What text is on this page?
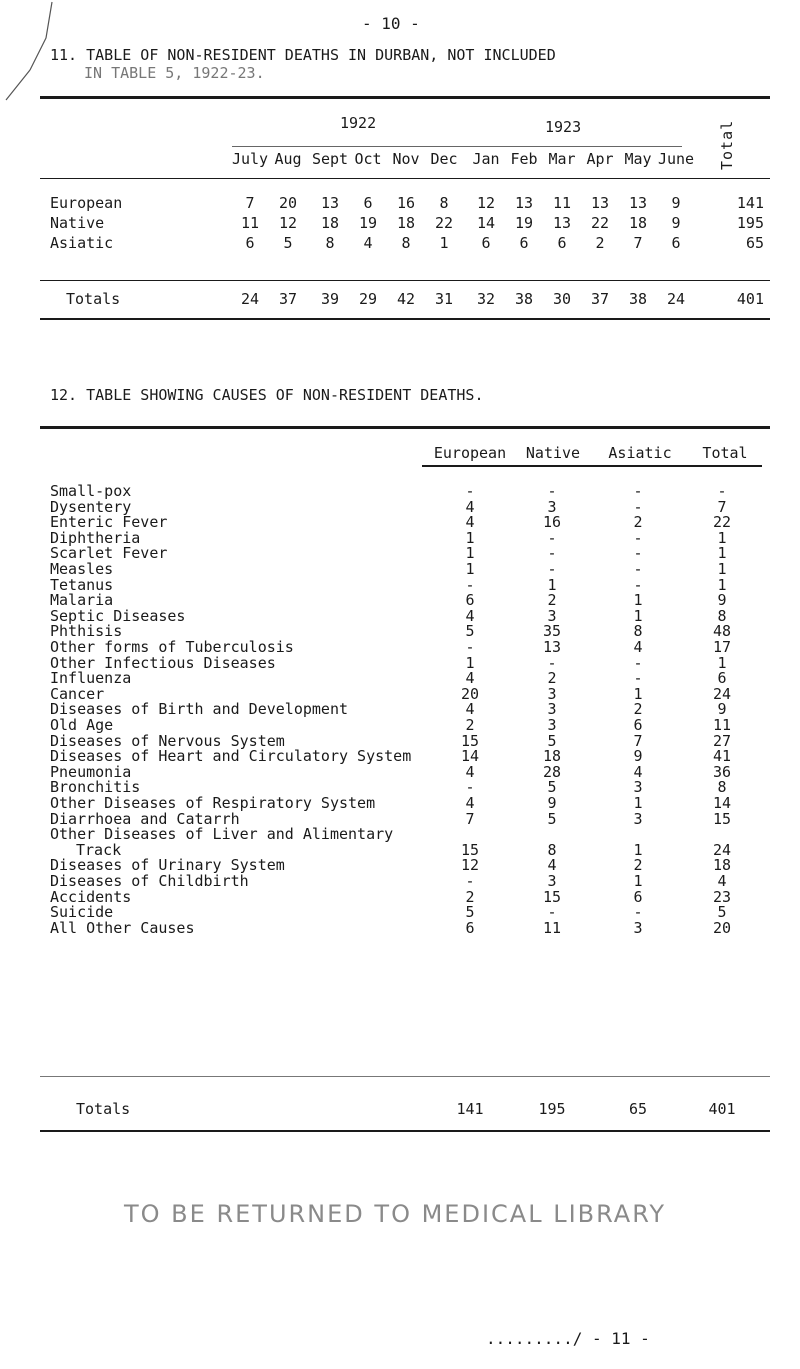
- 10 -
11. TABLE OF NON-RESIDENT DEATHS IN DURBAN, NOT INCLUDED
IN TABLE 5, 1922-23.
1922	1923	Total
July Aug Sept Oct Nov Dec Jan Feb Mar Apr May June
European	7	20	13	6	16	8	12	13	11	13	13	9	141
Native	11	12	18	19	18	22	14	19	13	22	18	9	195
Asiatic	6	5	8	4	8	1	6	6	6	2	7	6	65
Totals	24	37	39	29	42	31	32	38	30	37	38	24	401
12. TABLE SHOWING CAUSES OF NON-RESIDENT DEATHS.
European	Native	Asiatic	Total
Small-pox	-	-	-	-
Dysentery	4	3	-	7
Enteric Fever	4	16	2	22
Diphtheria	1	-	-	1
Scarlet Fever	1	-	-	1
Measles	1	-	-	1
Tetanus	-	1	-	1
Malaria	6	2	1	9
Septic Diseases	4	3	1	8
Phthisis	5	35	8	48
Other forms of Tuberculosis	-	13	4	17
Other Infectious Diseases	1	-	-	1
Influenza	4	2	-	6
Cancer	20	3	1	24
Diseases of Birth and Development	4	3	2	9
Old Age	2	3	6	11
Diseases of Nervous System	15	5	7	27
Diseases of Heart and Circulatory System	14	18	9	41
Pneumonia	4	28	4	36
Bronchitis	-	5	3	8
Other Diseases of Respiratory System	4	9	1	14
Diarrhoea and Catarrh	7	5	3	15
Other Diseases of Liver and Alimentary
Track	15	8	1	24
Diseases of Urinary System	12	4	2	18
Diseases of Childbirth	-	3	1	4
Accidents	2	15	6	23
Suicide	5	-	-	5
All Other Causes	6	11	3	20
Totals	141	195	65	401
TO BE RETURNED TO MEDICAL LIBRARY
........./ - 11 -
